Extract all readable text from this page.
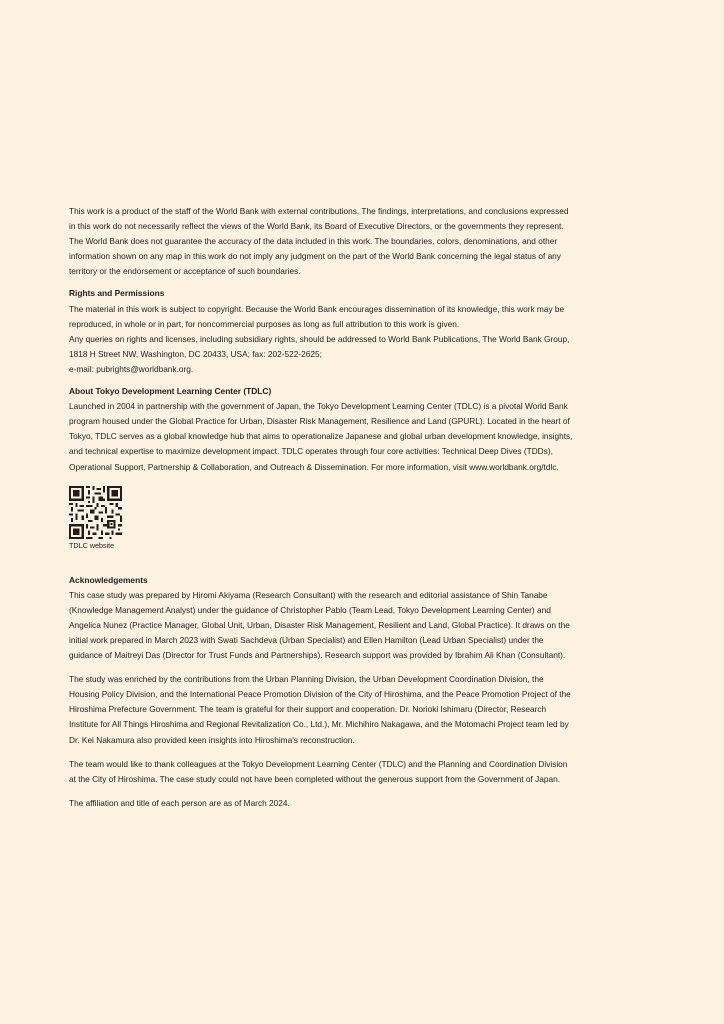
This work is a product of the staff of the World Bank with external contributions. The findings, interpretations, and conclusions expressed

in this work do not necessarily reflect the views of the World Bank, its Board of Executive Directors, or the governments they represent.

The World Bank does not guarantee the accuracy of the data included in this work. The boundaries, colors, denominations, and other

information shown on any map in this work do not imply any judgment on the part of the World Bank concerning the legal status of any

territory or the endorsement or acceptance of such boundaries.

Rights and Permissions

The material in this work is subject to copyright. Because the World Bank encourages dissemination of its knowledge, this work may be

reproduced, in whole or in part, for noncommercial purposes as long as full attribution to this work is given.

Any queries on rights and licenses, including subsidiary rights, should be addressed to World Bank Publications, The World Bank Group,

1818 H Street NW, Washington, DC 20433, USA; fax: 202-522-2625;

e-mail: pubrights@worldbank.org.

About Tokyo Development Learning Center (TDLC)

Launched in 2004 in partnership with the government of Japan, the Tokyo Development Learning Center (TDLC) is a pivotal World Bank

program housed under the Global Practice for Urban, Disaster Risk Management, Resilience and Land (GPURL). Located in the heart of

Tokyo, TDLC serves as a global knowledge hub that aims to operationalize Japanese and global urban development knowledge, insights,

and technical expertise to maximize development impact. TDLC operates through four core activities: Technical Deep Dives (TDDs),

Operational Support, Partnership & Collaboration, and Outreach & Dissemination. For more information, visit www.worldbank.org/tdlc.

TDLC website
Acknowledgements

This case study was prepared by Hiromi Akiyama (Research Consultant) with the research and editorial assistance of Shin Tanabe

(Knowledge Management Analyst) under the guidance of Christopher Pablo (Team Lead, Tokyo Development Learning Center) and

Angelica Nunez (Practice Manager, Global Unit, Urban, Disaster Risk Management, Resilient and Land, Global Practice). It draws on the

initial work prepared in March 2023 with Swati Sachdeva (Urban Specialist) and Ellen Hamilton (Lead Urban Specialist) under the

guidance of Maitreyi Das (Director for Trust Funds and Partnerships). Research support was provided by Ibrahim Ali Khan (Consultant).

The study was enriched by the contributions from the Urban Planning Division, the Urban Development Coordination Division, the

Housing Policy Division, and the International Peace Promotion Division of the City of Hiroshima, and the Peace Promotion Project of the

Hiroshima Prefecture Government. The team is grateful for their support and cooperation. Dr. Norioki Ishimaru (Director, Research

Institute for All Things Hiroshima and Regional Revitalization Co., Ltd.), Mr. Michihiro Nakagawa, and the Motomachi Project team led by

Dr. Kei Nakamura also provided keen insights into Hiroshima's reconstruction.

The team would like to thank colleagues at the Tokyo Development Learning Center (TDLC) and the Planning and Coordination Division

at the City of Hiroshima. The case study could not have been completed without the generous support from the Government of Japan.

The affiliation and title of each person are as of March 2024.
